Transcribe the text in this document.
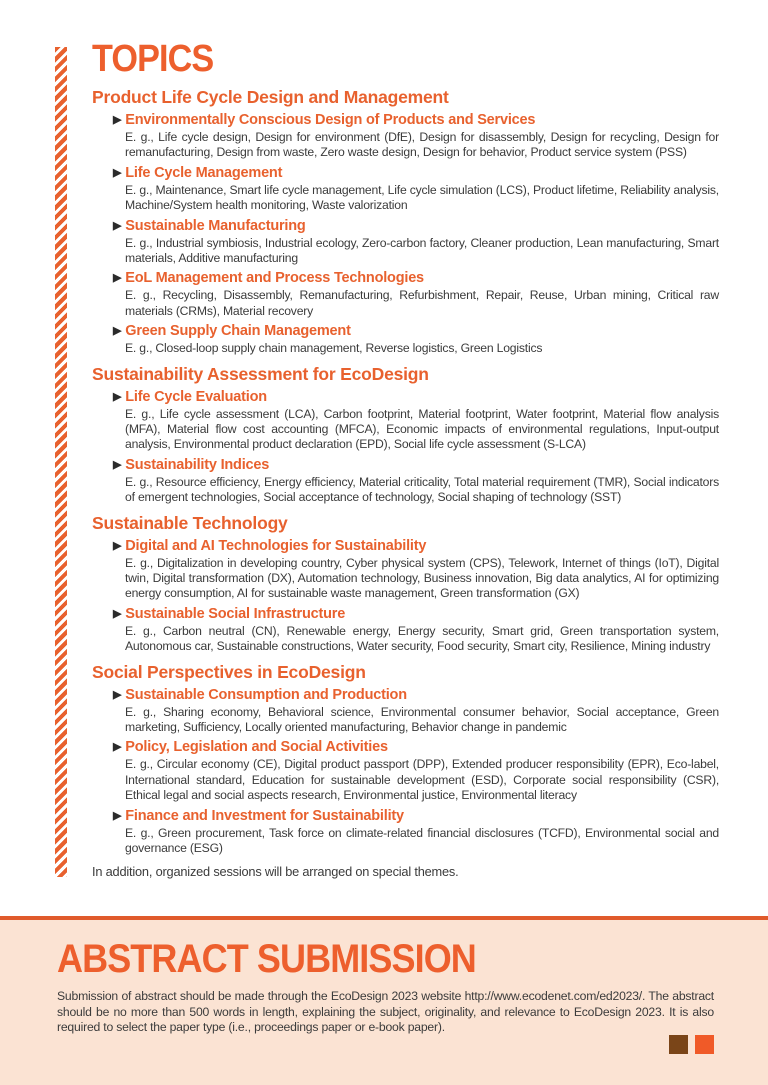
TOPICS
Product Life Cycle Design and Management
▶ Environmentally Conscious Design of Products and Services

E. g., Life cycle design, Design for environment (DfE), Design for disassembly, Design for recycling, Design for remanufacturing, Design from waste, Zero waste design, Design for behavior, Product service system (PSS)

▶ Life Cycle Management

E. g., Maintenance, Smart life cycle management, Life cycle simulation (LCS), Product lifetime, Reliability analysis, Machine/System health monitoring, Waste valorization

▶ Sustainable Manufacturing

E. g., Industrial symbiosis, Industrial ecology, Zero-carbon factory, Cleaner production, Lean manufacturing, Smart materials, Additive manufacturing

▶ EoL Management and Process Technologies

E. g., Recycling, Disassembly, Remanufacturing, Refurbishment, Repair, Reuse, Urban mining, Critical raw materials (CRMs), Material recovery

▶ Green Supply Chain Management

E. g., Closed-loop supply chain management, Reverse logistics, Green Logistics

Sustainability Assessment for EcoDesign
▶ Life Cycle Evaluation

E. g., Life cycle assessment (LCA), Carbon footprint, Material footprint, Water footprint, Material flow analysis (MFA), Material flow cost accounting (MFCA), Economic impacts of environmental regulations, Input-output analysis, Environmental product declaration (EPD), Social life cycle assessment (S-LCA)

▶ Sustainability Indices

E. g., Resource efficiency, Energy efficiency, Material criticality, Total material requirement (TMR), Social indicators of emergent technologies, Social acceptance of technology, Social shaping of technology (SST)

Sustainable Technology
▶ Digital and AI Technologies for Sustainability

E. g., Digitalization in developing country, Cyber physical system (CPS), Telework, Internet of things (IoT), Digital twin, Digital transformation (DX), Automation technology, Business innovation, Big data analytics, AI for optimizing energy consumption, AI for sustainable waste management, Green transformation (GX)

▶ Sustainable Social Infrastructure

E. g., Carbon neutral (CN), Renewable energy, Energy security, Smart grid, Green transportation system, Autonomous car, Sustainable constructions, Water security, Food security, Smart city, Resilience, Mining industry

Social Perspectives in EcoDesign
▶ Sustainable Consumption and Production

E. g., Sharing economy, Behavioral science, Environmental consumer behavior, Social acceptance, Green marketing, Sufficiency, Locally oriented manufacturing, Behavior change in pandemic

▶ Policy, Legislation and Social Activities

E. g., Circular economy (CE), Digital product passport (DPP), Extended producer responsibility (EPR), Eco-label, International standard, Education for sustainable development (ESD), Corporate social responsibility (CSR), Ethical legal and social aspects research, Environmental justice, Environmental literacy

▶ Finance and Investment for Sustainability

E. g., Green procurement, Task force on climate-related financial disclosures (TCFD), Environmental social and governance (ESG)

In addition, organized sessions will be arranged on special themes.

ABSTRACT SUBMISSION

Submission of abstract should be made through the EcoDesign 2023 website http://www.ecodenet.com/ed2023/. The abstract should be no more than 500 words in length, explaining the subject, originality, and relevance to EcoDesign 2023. It is also required to select the paper type (i.e., proceedings paper or e-book paper).
